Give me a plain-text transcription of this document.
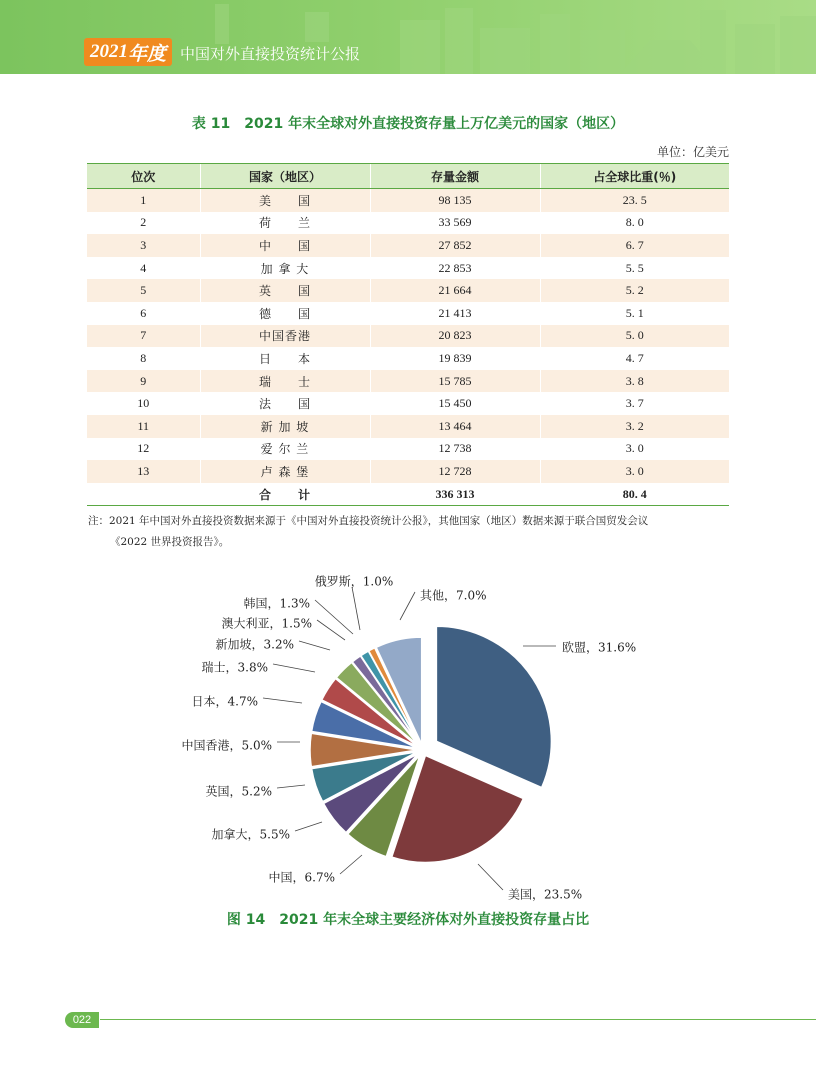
2021 年度 中国对外直接投资统计公报
表 11　2021 年末全球对外直接投资存量上万亿美元的国家（地区）
单位：亿美元
位次	国家（地区）	存量金额	占全球比重(％)
1	美　　国	98 135	23. 5
2	荷　　兰	33 569	8. 0
3	中　　国	27 852	6. 7
4	加 拿 大	22 853	5. 5
5	英　　国	21 664	5. 2
6	德　　国	21 413	5. 1
7	中国香港	20 823	5. 0
8	日　　本	19 839	4. 7
9	瑞　　士	15 785	3. 8
10	法　　国	15 450	3. 7
11	新 加 坡	13 464	3. 2
12	爱 尔 兰	12 738	3. 0
13	卢 森 堡	12 728	3. 0
	合　　计	336 313	80. 4
注：2021 年中国对外直接投资数据来源于《中国对外直接投资统计公报》，其他国家（地区）数据来源于联合国贸发会议
《2022 世界投资报告》。
欧盟，31.6%
美国，23.5%
中国，6.7%
加拿大，5.5%
英国，5.2%
中国香港，5.0%
日本，4.7%
瑞士，3.8%
新加坡，3.2%
澳大利亚，1.5%
韩国，1.3%
俄罗斯，1.0%
其他，7.0%
图 14　2021 年末全球主要经济体对外直接投资存量占比
022
